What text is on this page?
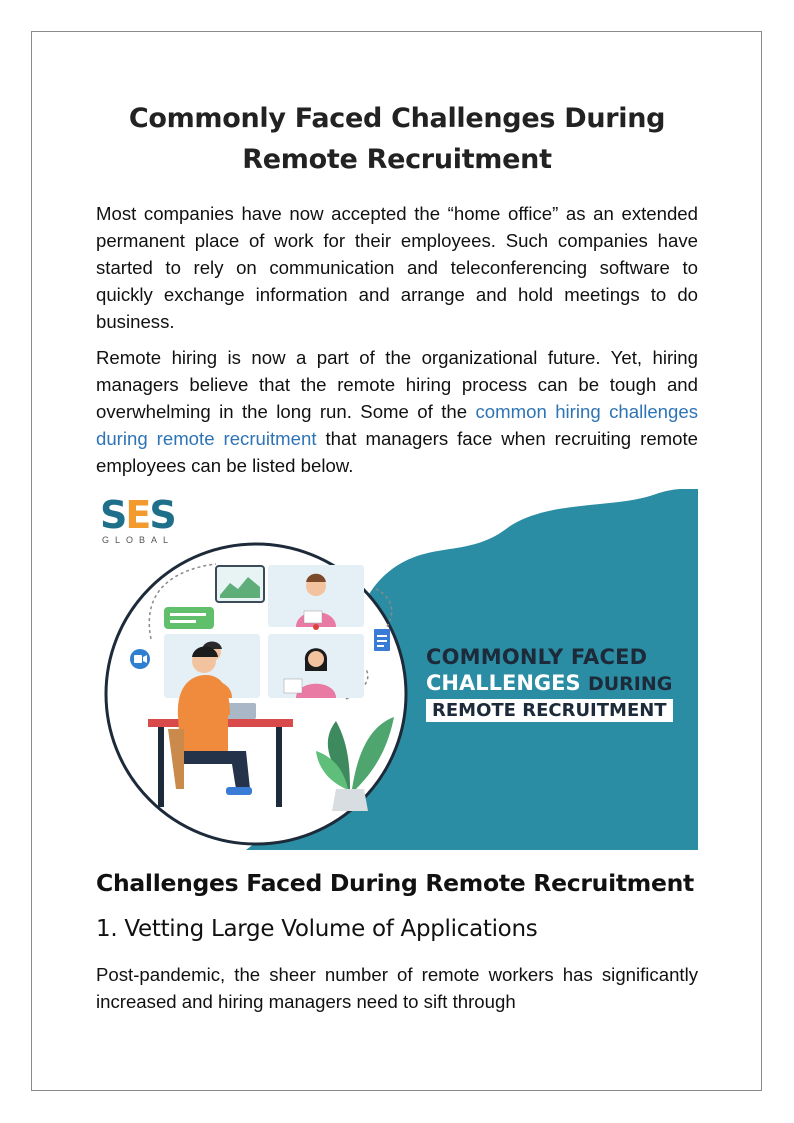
Commonly Faced Challenges During
Remote Recruitment

Most companies have now accepted the “home office” as an extended permanent place of work for their employees. Such companies have started to rely on communication and teleconferencing software to quickly exchange information and arrange and hold meetings to do business.

Remote hiring is now a part of the organizational future. Yet, hiring managers believe that the remote hiring process can be tough and overwhelming in the long run. Some of the common hiring challenges during remote recruitment that managers face when recruiting remote employees can be listed below.

SES
GLOBAL
COMMONLY FACED
CHALLENGES DURING
REMOTE RECRUITMENT
Challenges Faced During Remote Recruitment
1. Vetting Large Volume of Applications

Post-pandemic, the sheer number of remote workers has significantly increased and hiring managers need to sift through
